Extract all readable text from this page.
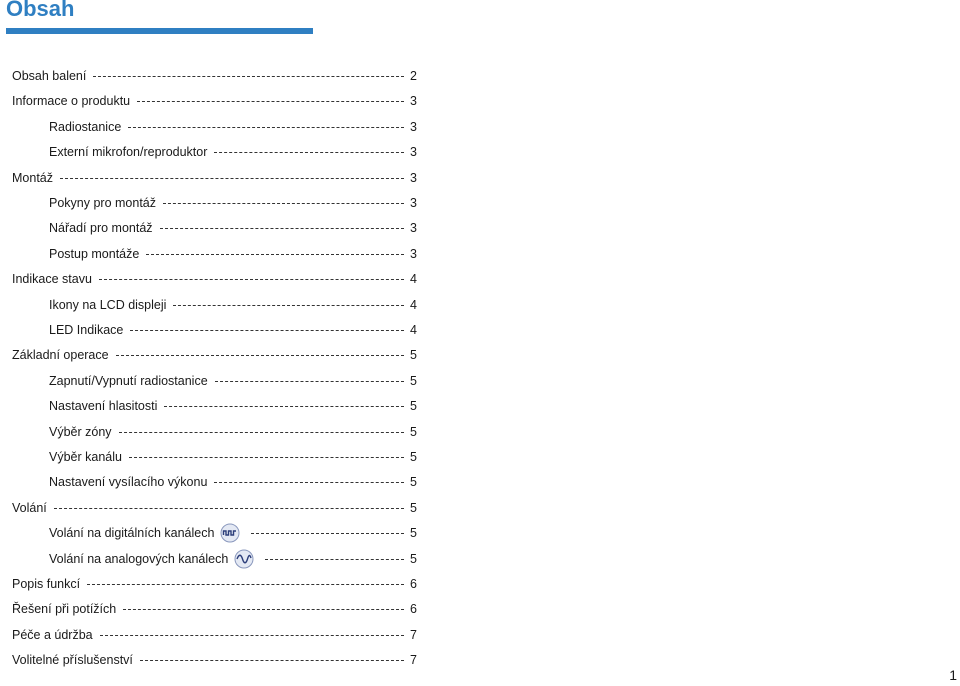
Obsah
Obsah balení	2
Informace o produktu	3
Radiostanice	3
Externí mikrofon/reproduktor	3
Montáž	3
Pokyny pro montáž	3
Nářadí pro montáž	3
Postup montáže	3
Indikace stavu	4
Ikony na LCD displeji	4
LED Indikace	4
Základní operace	5
Zapnutí/Vypnutí radiostanice	5
Nastavení hlasitosti	5
Výběr zóny	5
Výběr kanálu	5
Nastavení vysílacího výkonu	5
Volání	5
Volání na digitálních kanálech	5
Volání na analogových kanálech	5
Popis funkcí	6
Řešení při potížích	6
Péče a údržba	7
Volitelné příslušenství	7
1
